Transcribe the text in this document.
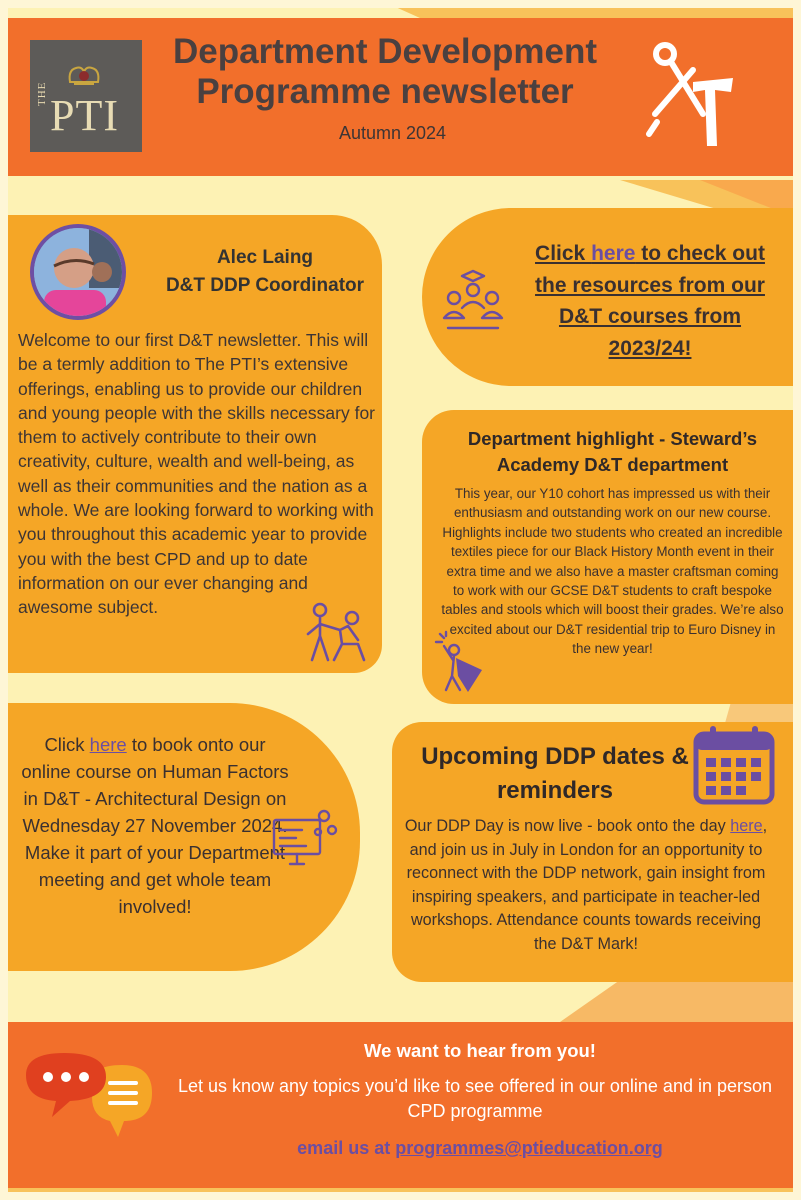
THE PTI
Department Development
Programme newsletter
Autumn 2024
Alec Laing
D&T DDP Coordinator
Welcome to our first D&T newsletter. This will be a termly addition to The PTI’s extensive offerings, enabling us to provide our children and young people with the skills necessary for them to actively contribute to their own creativity, culture, wealth and well-being, as well as their communities and the nation as a whole. We are looking forward to working with you throughout this academic year to provide you with the best CPD and up to date information on our ever changing and awesome subject.
Click here to check out the resources from our D&T courses from 2023/24!
Department highlight - Steward’s Academy D&T department
This year, our Y10 cohort has impressed us with their enthusiasm and outstanding work on our new course. Highlights include two students who created an incredible textiles piece for our Black History Month event in their extra time and we also have a master craftsman coming to work with our GCSE D&T students to craft bespoke tables and stools which will boost their grades. We’re also excited about our D&T residential trip to Euro Disney in the new year!
Click here to book onto our online course on Human Factors in D&T - Architectural Design on Wednesday 27 November 2024. Make it part of your Department meeting and get whole team involved!
Upcoming DDP dates & reminders
Our DDP Day is now live - book onto the day here, and join us in July in London for an opportunity to reconnect with the DDP network, gain insight from inspiring speakers, and participate in teacher-led workshops. Attendance counts towards receiving the D&T Mark!
We want to hear from you!
Let us know any topics you’d like to see offered in our online and in person CPD programme
email us at programmes@ptieducation.org
